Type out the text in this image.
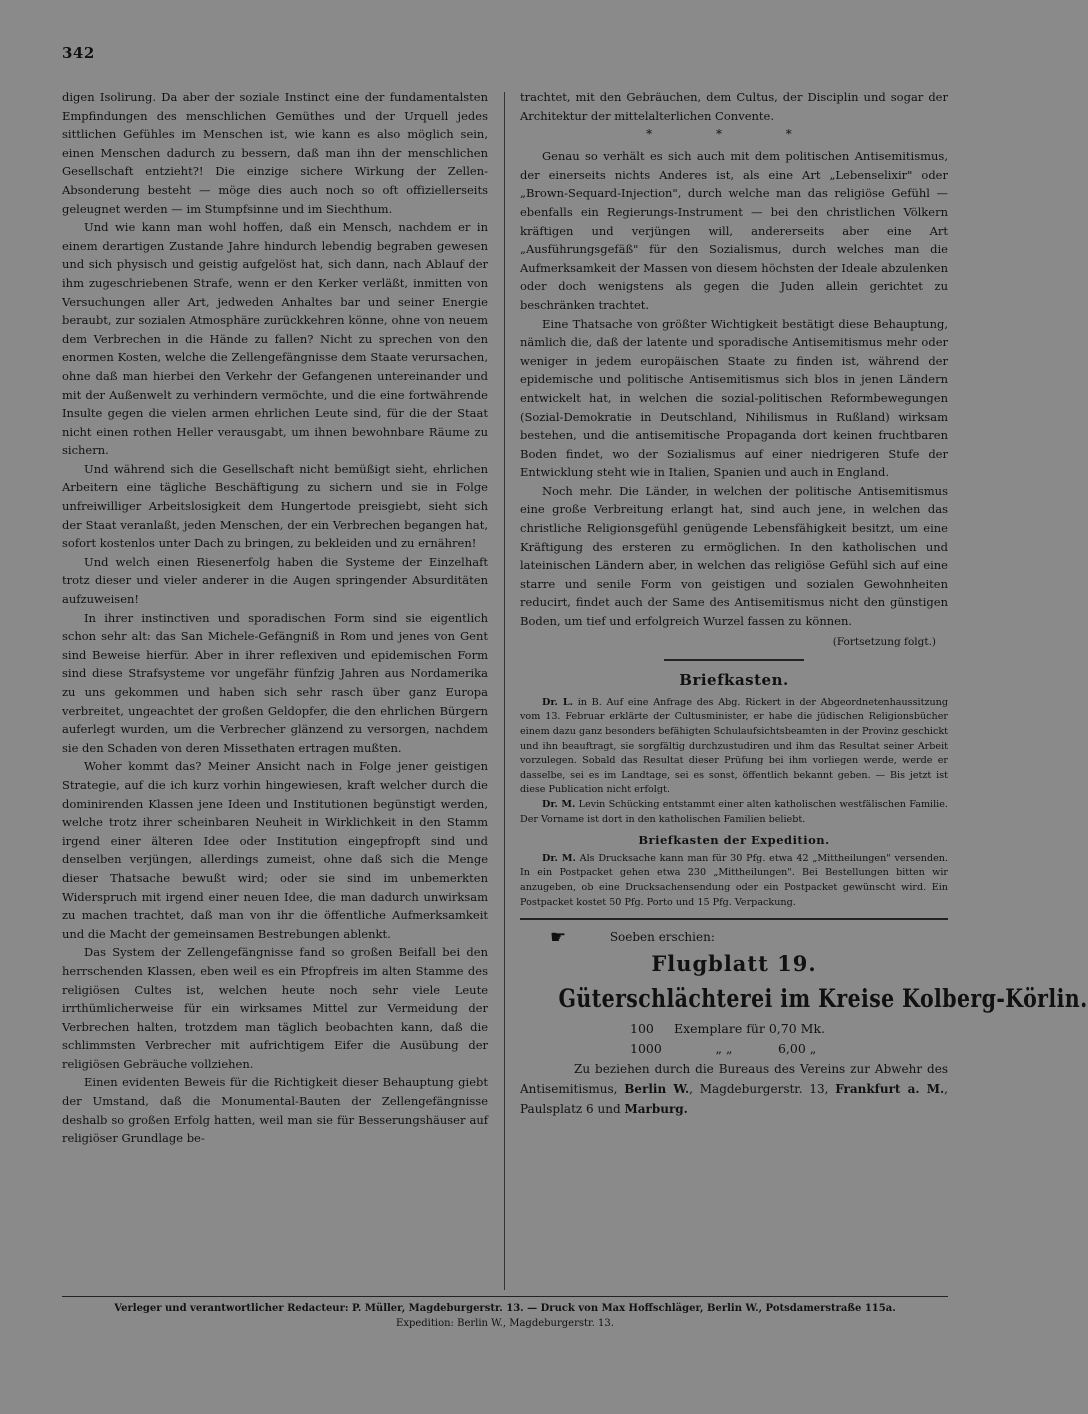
342

digen Isolirung. Da aber der soziale Instinct eine der fundamentalsten Empfindungen des menschlichen Gemüthes und der Urquell jedes sittlichen Gefühles im Menschen ist, wie kann es also möglich sein, einen Menschen dadurch zu bessern, daß man ihn der menschlichen Gesellschaft entzieht?! Die einzige sichere Wirkung der Zellen-Absonderung besteht — möge dies auch noch so oft offiziellerseits geleugnet werden — im Stumpfsinne und im Siechthum.

Und wie kann man wohl hoffen, daß ein Mensch, nachdem er in einem derartigen Zustande Jahre hindurch lebendig begraben gewesen und sich physisch und geistig aufgelöst hat, sich dann, nach Ablauf der ihm zugeschriebenen Strafe, wenn er den Kerker verläßt, inmitten von Versuchungen aller Art, jedweden Anhaltes bar und seiner Energie beraubt, zur sozialen Atmosphäre zurückkehren könne, ohne von neuem dem Verbrechen in die Hände zu fallen? Nicht zu sprechen von den enormen Kosten, welche die Zellengefängnisse dem Staate verursachen, ohne daß man hierbei den Verkehr der Gefangenen untereinander und mit der Außenwelt zu verhindern vermöchte, und die eine fortwährende Insulte gegen die vielen armen ehrlichen Leute sind, für die der Staat nicht einen rothen Heller verausgabt, um ihnen bewohnbare Räume zu sichern.

Und während sich die Gesellschaft nicht bemüßigt sieht, ehrlichen Arbeitern eine tägliche Beschäftigung zu sichern und sie in Folge unfreiwilliger Arbeitslosigkeit dem Hungertode preisgiebt, sieht sich der Staat veranlaßt, jeden Menschen, der ein Verbrechen begangen hat, sofort kostenlos unter Dach zu bringen, zu bekleiden und zu ernähren!

Und welch einen Riesenerfolg haben die Systeme der Einzelhaft trotz dieser und vieler anderer in die Augen springender Absurditäten aufzuweisen!

In ihrer instinctiven und sporadischen Form sind sie eigentlich schon sehr alt: das San Michele-Gefängniß in Rom und jenes von Gent sind Beweise hierfür. Aber in ihrer reflexiven und epidemischen Form sind diese Strafsysteme vor ungefähr fünfzig Jahren aus Nordamerika zu uns gekommen und haben sich sehr rasch über ganz Europa verbreitet, ungeachtet der großen Geldopfer, die den ehrlichen Bürgern auferlegt wurden, um die Verbrecher glänzend zu versorgen, nachdem sie den Schaden von deren Missethaten ertragen mußten.

Woher kommt das? Meiner Ansicht nach in Folge jener geistigen Strategie, auf die ich kurz vorhin hingewiesen, kraft welcher durch die dominirenden Klassen jene Ideen und Institutionen begünstigt werden, welche trotz ihrer scheinbaren Neuheit in Wirklichkeit in den Stamm irgend einer älteren Idee oder Institution eingepfropft sind und denselben verjüngen, allerdings zumeist, ohne daß sich die Menge dieser Thatsache bewußt wird; oder sie sind im unbemerkten Widerspruch mit irgend einer neuen Idee, die man dadurch unwirksam zu machen trachtet, daß man von ihr die öffentliche Aufmerksamkeit und die Macht der gemeinsamen Bestrebungen ablenkt.

Das System der Zellengefängnisse fand so großen Beifall bei den herrschenden Klassen, eben weil es ein Pfropfreis im alten Stamme des religiösen Cultes ist, welchen heute noch sehr viele Leute irrthümlicherweise für ein wirksames Mittel zur Vermeidung der Verbrechen halten, trotzdem man täglich beobachten kann, daß die schlimmsten Verbrecher mit aufrichtigem Eifer die Ausübung der religiösen Gebräuche vollziehen.

Einen evidenten Beweis für die Richtigkeit dieser Behauptung giebt der Umstand, daß die Monumental-Bauten der Zellengefängnisse deshalb so großen Erfolg hatten, weil man sie für Besserungshäuser auf religiöser Grundlage be-

trachtet, mit den Gebräuchen, dem Cultus, der Disciplin und sogar der Architektur der mittelalterlichen Convente.

* * *

Genau so verhält es sich auch mit dem politischen Antisemitismus, der einerseits nichts Anderes ist, als eine Art „Lebenselixir" oder „Brown-Sequard-Injection", durch welche man das religiöse Gefühl — ebenfalls ein Regierungs-Instrument — bei den christlichen Völkern kräftigen und verjüngen will, andererseits aber eine Art „Ausführungsgefäß" für den Sozialismus, durch welches man die Aufmerksamkeit der Massen von diesem höchsten der Ideale abzulenken oder doch wenigstens als gegen die Juden allein gerichtet zu beschränken trachtet.

Eine Thatsache von größter Wichtigkeit bestätigt diese Behauptung, nämlich die, daß der latente und sporadische Antisemitismus mehr oder weniger in jedem europäischen Staate zu finden ist, während der epidemische und politische Antisemitismus sich blos in jenen Ländern entwickelt hat, in welchen die sozial-politischen Reformbewegungen (Sozial-Demokratie in Deutschland, Nihilismus in Rußland) wirksam bestehen, und die antisemitische Propaganda dort keinen fruchtbaren Boden findet, wo der Sozialismus auf einer niedrigeren Stufe der Entwicklung steht wie in Italien, Spanien und auch in England.

Noch mehr. Die Länder, in welchen der politische Antisemitismus eine große Verbreitung erlangt hat, sind auch jene, in welchen das christliche Religionsgefühl genügende Lebensfähigkeit besitzt, um eine Kräftigung des ersteren zu ermöglichen. In den katholischen und lateinischen Ländern aber, in welchen das religiöse Gefühl sich auf eine starre und senile Form von geistigen und sozialen Gewohnheiten reducirt, findet auch der Same des Antisemitismus nicht den günstigen Boden, um tief und erfolgreich Wurzel fassen zu können.

(Fortsetzung folgt.)
Briefkasten.

Dr. L. in B. Auf eine Anfrage des Abg. Rickert in der Abgeordnetenhaussitzung vom 13. Februar erklärte der Cultusminister, er habe die jüdischen Religionsbücher einem dazu ganz besonders befähigten Schulaufsichtsbeamten in der Provinz geschickt und ihn beauftragt, sie sorgfältig durchzustudiren und ihm das Resultat seiner Arbeit vorzulegen. Sobald das Resultat dieser Prüfung bei ihm vorliegen werde, werde er dasselbe, sei es im Landtage, sei es sonst, öffentlich bekannt geben. — Bis jetzt ist diese Publication nicht erfolgt.

Dr. M. Levin Schücking entstammt einer alten katholischen westfälischen Familie. Der Vorname ist dort in den katholischen Familien beliebt.

Briefkasten der Expedition.

Dr. M. Als Drucksache kann man für 30 Pfg. etwa 42 „Mittheilungen" versenden. In ein Postpacket gehen etwa 230 „Mittheilungen". Bei Bestellungen bitten wir anzugeben, ob eine Drucksachensendung oder ein Postpacket gewünscht wird. Ein Postpacket kostet 50 Pfg. Porto und 15 Pfg. Verpackung.

☛	Soeben erschien:
Flugblatt 19.
Güterschlächterei im Kreise Kolberg-Körlin.
100 Exemplare für 0,70 Mk.
1000	„ „	6,00 „
Zu beziehen durch die Bureaus des Vereins zur Abwehr des Antisemitismus, Berlin W., Magdeburgerstr. 13, Frankfurt a. M., Paulsplatz 6 und Marburg.
Verleger und verantwortlicher Redacteur: P. Müller, Magdeburgerstr. 13. — Druck von Max Hoffschläger, Berlin W., Potsdamerstraße 115a.
Expedition: Berlin W., Magdeburgerstr. 13.
